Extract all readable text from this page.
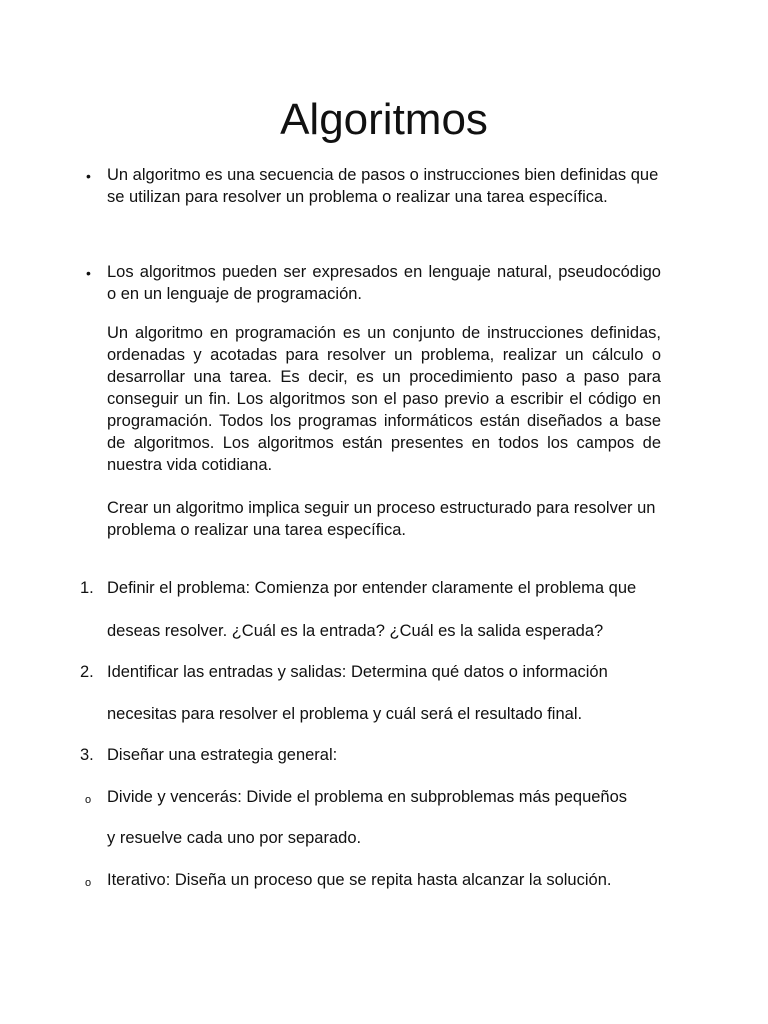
Algoritmos
• Un algoritmo es una secuencia de pasos o instrucciones bien definidas que se utilizan para resolver un problema o realizar una tarea específica.

• Los algoritmos pueden ser expresados en lenguaje natural, pseudocódigo o en un lenguaje de programación.

Un algoritmo en programación es un conjunto de instrucciones definidas, ordenadas y acotadas para resolver un problema, realizar un cálculo o desarrollar una tarea. Es decir, es un procedimiento paso a paso para conseguir un fin. Los algoritmos son el paso previo a escribir el código en programación. Todos los programas informáticos están diseñados a base de algoritmos. Los algoritmos están presentes en todos los campos de nuestra vida cotidiana.

Crear un algoritmo implica seguir un proceso estructurado para resolver un problema o realizar una tarea específica.

1. Definir el problema: Comienza por entender claramente el problema que

deseas resolver. ¿Cuál es la entrada? ¿Cuál es la salida esperada?

2. Identificar las entradas y salidas: Determina qué datos o información

necesitas para resolver el problema y cuál será el resultado final.

3. Diseñar una estrategia general:

o Divide y vencerás: Divide el problema en subproblemas más pequeños

y resuelve cada uno por separado.

o Iterativo: Diseña un proceso que se repita hasta alcanzar la solución.
